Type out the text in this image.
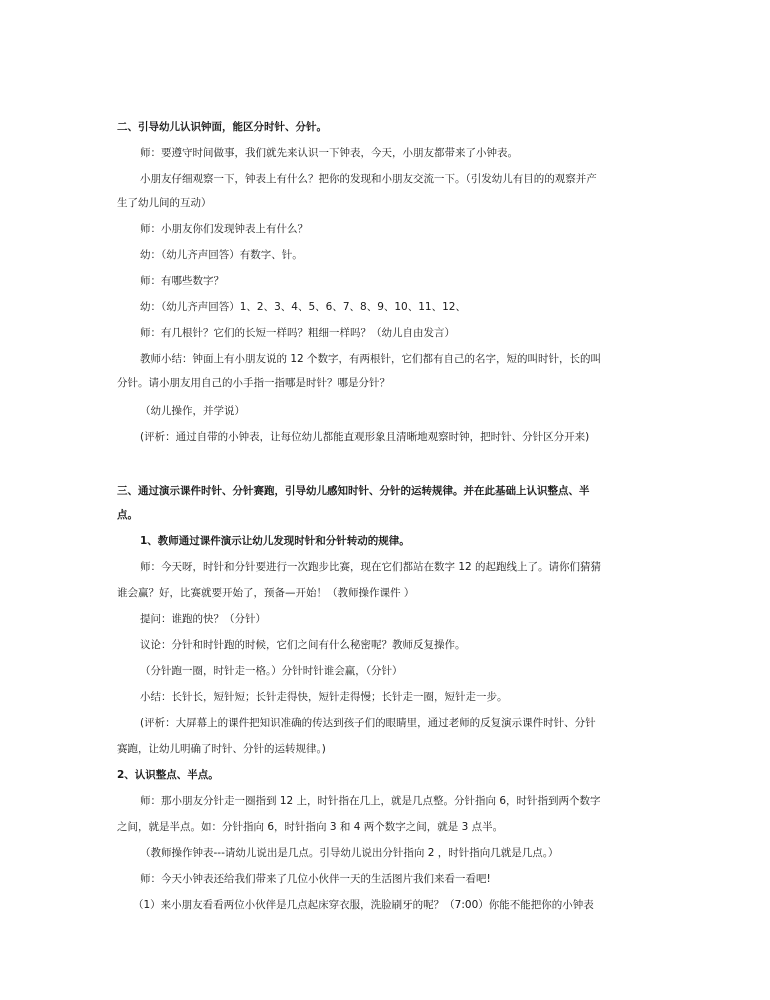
二、引导幼儿认识钟面，能区分时针、分针。
师：要遵守时间做事，我们就先来认识一下钟表，今天，小朋友都带来了小钟表。
小朋友仔细观察一下，钟表上有什么？把你的发现和小朋友交流一下。（引发幼儿有目的的观察并产
生了幼儿间的互动）
师：小朋友你们发现钟表上有什么？
幼：（幼儿齐声回答）有数字、针。
师：有哪些数字？
幼：（幼儿齐声回答）1、2、3、4、5、6、7、8、9、10、11、12、
师：有几根针？它们的长短一样吗？粗细一样吗？（幼儿自由发言）
教师小结：钟面上有小朋友说的 12 个数字，有两根针，它们都有自己的名字，短的叫时针，长的叫
分针。请小朋友用自己的小手指一指哪是时针？哪是分针？
（幼儿操作，并学说）
(评析：通过自带的小钟表，让每位幼儿都能直观形象且清晰地观察时钟，把时针、分针区分开来)
三、通过演示课件时针、分针赛跑，引导幼儿感知时针、分针的运转规律。并在此基础上认识整点、半
点。
1、教师通过课件演示让幼儿发现时针和分针转动的规律。
师：今天呀，时针和分针要进行一次跑步比赛，现在它们都站在数字 12 的起跑线上了。请你们猜猜
谁会赢？好，比赛就要开始了，预备—开始！（教师操作课件 ）
提问：谁跑的快？（分针）
议论：分针和时针跑的时候，它们之间有什么秘密呢？教师反复操作。
（分针跑一圈，时针走一格。）分针时针谁会赢，（分针）
小结：长针长，短针短；长针走得快，短针走得慢；长针走一圈，短针走一步。
(评析：大屏幕上的课件把知识准确的传达到孩子们的眼睛里，通过老师的反复演示课件时针、分针
赛跑，让幼儿明确了时针、分针的运转规律。)
2、认识整点、半点。
师：那小朋友分针走一圈指到 12 上，时针指在几上，就是几点整。分针指向 6，时针指到两个数字
之间，就是半点。如：分针指向 6，时针指向 3 和 4 两个数字之间，就是 3 点半。
（教师操作钟表---请幼儿说出是几点。引导幼儿说出分针指向 2 ，时针指向几就是几点。）
师：今天小钟表还给我们带来了几位小伙伴一天的生活图片我们来看一看吧!
（1）来小朋友看看两位小伙伴是几点起床穿衣服，洗脸刷牙的呢？（7:00）你能不能把你的小钟表
